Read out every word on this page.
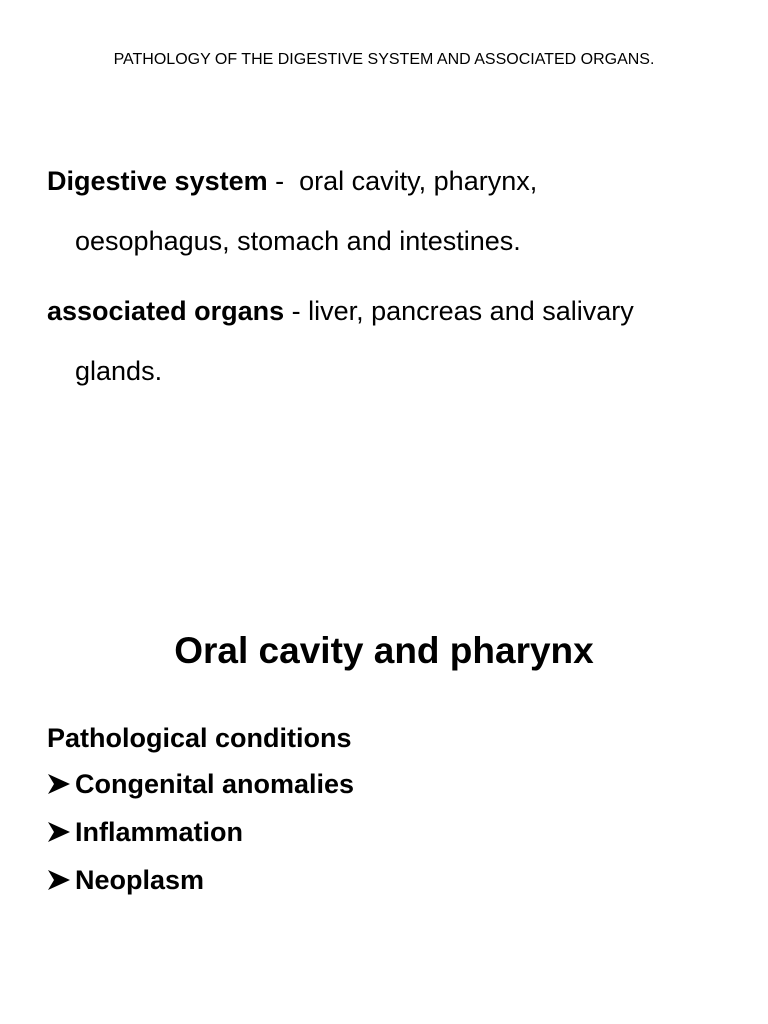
PATHOLOGY OF THE DIGESTIVE SYSTEM AND ASSOCIATED ORGANS.
Digestive system -  oral cavity, pharynx,
oesophagus, stomach and intestines.
associated organs - liver, pancreas and salivary
glands.
Oral cavity and pharynx
Pathological conditions
Congenital anomalies
Inflammation
Neoplasm
